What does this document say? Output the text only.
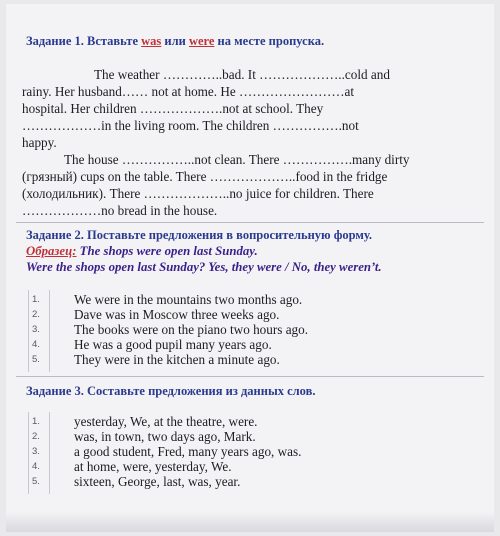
Задание 1. Вставьте was или were на месте пропуска.
The weather …………..bad. It ………………..cold and
rainy. Her husband…… not at home. He ……………………at
hospital. Her children ……………….not at school. They
………………in the living room. The children …………….not
happy.
The house ……………..not clean. There …………….many dirty
(грязный) cups on the table. There ………………..food in the fridge
(холодильник). There ………………..no juice for children. There
………………no bread in the house.
Задание 2. Поставьте предложения в вопросительную форму.
Образец: The shops were open last Sunday.
Were the shops open last Sunday? Yes, they were / No, they weren’t.
1.
2.
3.
4.
5.
We were in the mountains two months ago.
Dave was in Moscow three weeks ago.
The books were on the piano two hours ago.
He was a good pupil many years ago.
They were in the kitchen a minute ago.
Задание 3. Составьте предложения из данных слов.
1.
2.
3.
4.
5.
yesterday, We, at the theatre, were.
was, in town, two days ago, Mark.
a good student, Fred, many years ago, was.
at home, were, yesterday, We.
sixteen, George, last, was, year.
